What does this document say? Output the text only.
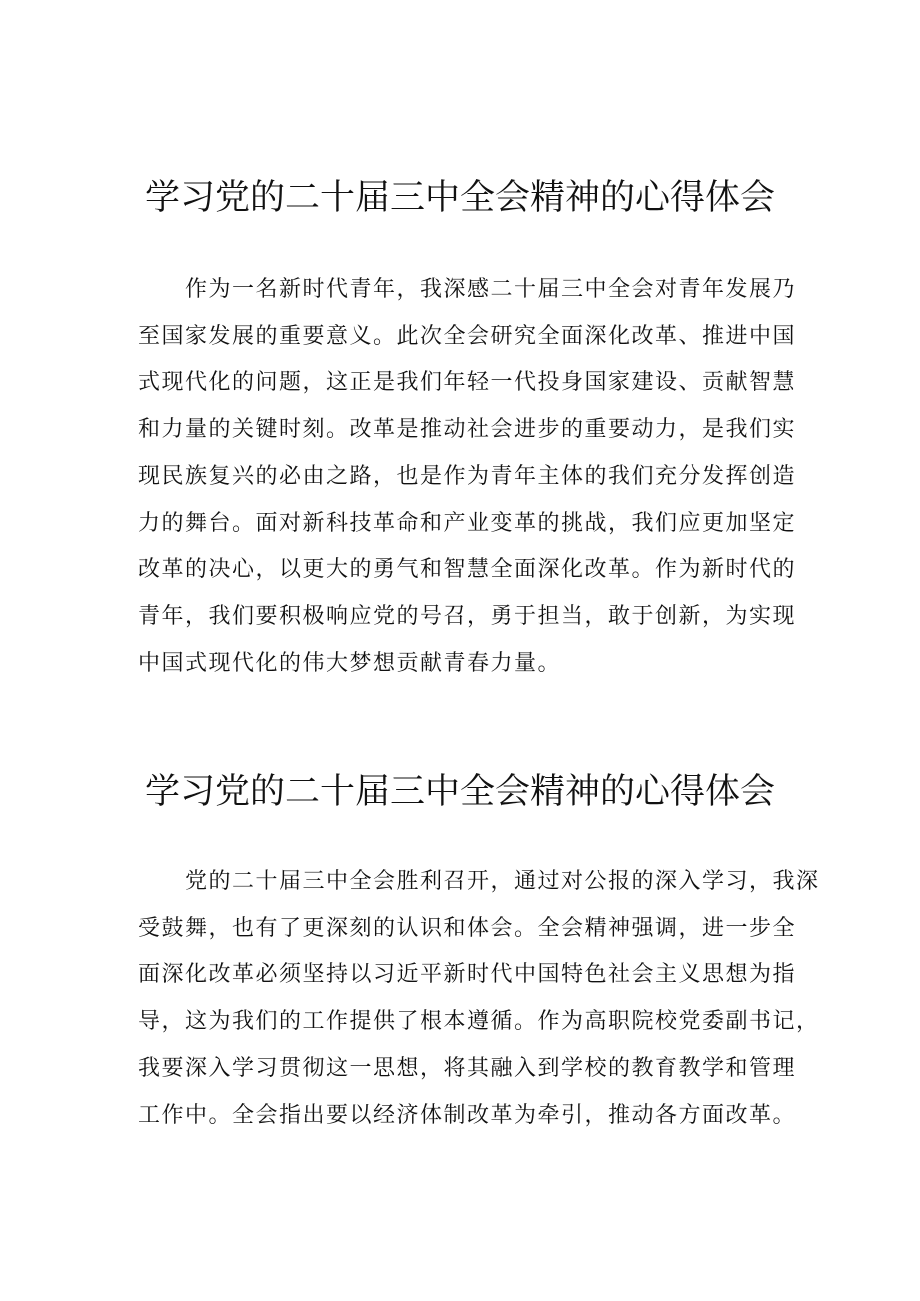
学习党的二十届三中全会精神的心得体会
　　作为一名新时代青年，我深感二十届三中全会对青年发展乃
至国家发展的重要意义。此次全会研究全面深化改革、推进中国
式现代化的问题，这正是我们年轻一代投身国家建设、贡献智慧
和力量的关键时刻。改革是推动社会进步的重要动力，是我们实
现民族复兴的必由之路，也是作为青年主体的我们充分发挥创造
力的舞台。面对新科技革命和产业变革的挑战，我们应更加坚定
改革的决心，以更大的勇气和智慧全面深化改革。作为新时代的
青年，我们要积极响应党的号召，勇于担当，敢于创新，为实现
中国式现代化的伟大梦想贡献青春力量。
学习党的二十届三中全会精神的心得体会
　　党的二十届三中全会胜利召开，通过对公报的深入学习，我深
受鼓舞，也有了更深刻的认识和体会。全会精神强调，进一步全
面深化改革必须坚持以习近平新时代中国特色社会主义思想为指
导，这为我们的工作提供了根本遵循。作为高职院校党委副书记，
我要深入学习贯彻这一思想，将其融入到学校的教育教学和管理
工作中。全会指出要以经济体制改革为牵引，推动各方面改革。
